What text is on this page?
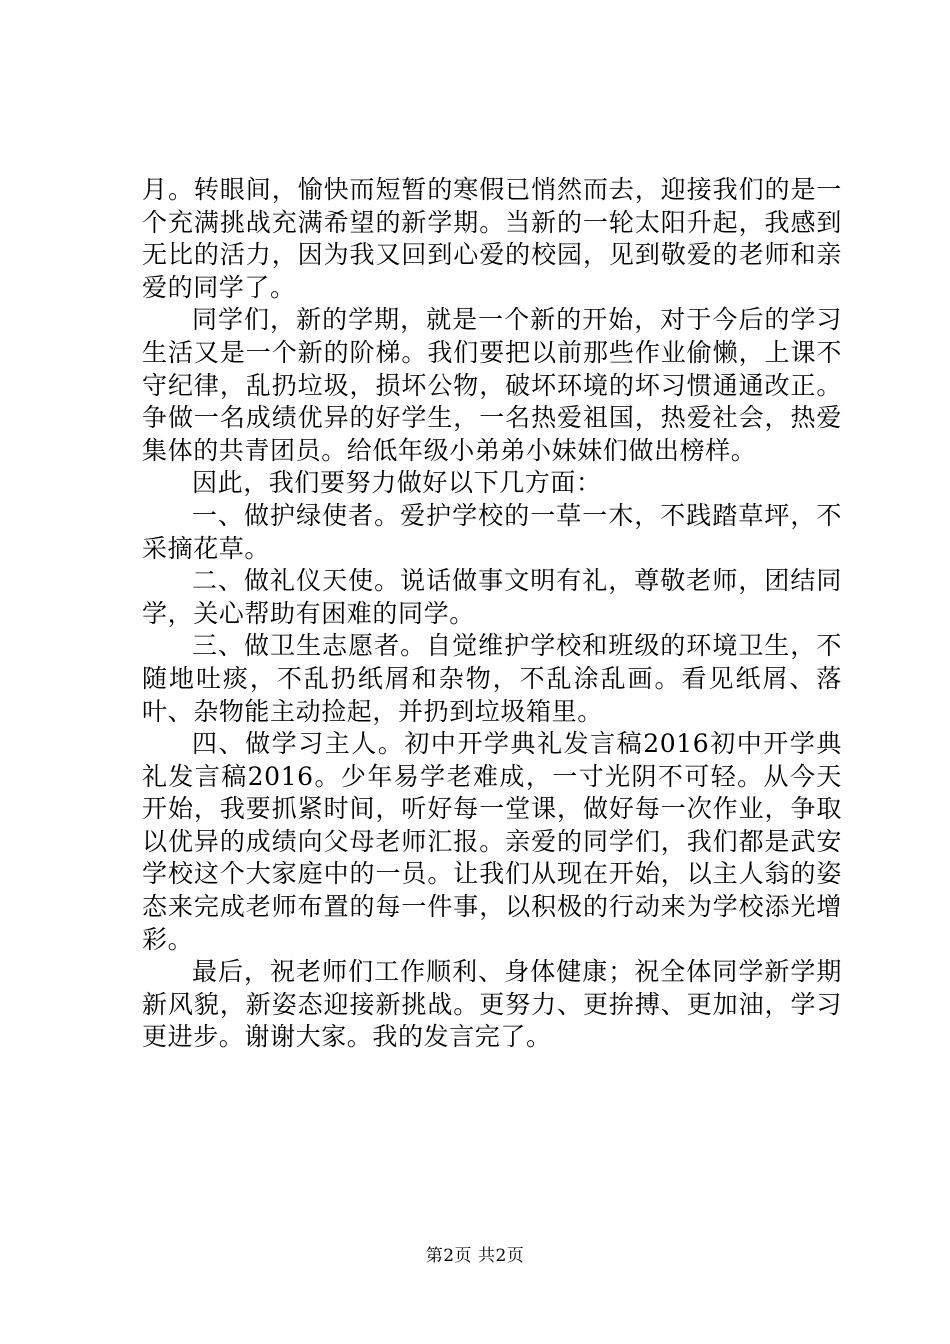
月。转眼间，愉快而短暂的寒假已悄然而去，迎接我们的是一个充满挑战充满希望的新学期。当新的一轮太阳升起，我感到无比的活力，因为我又回到心爱的校园，见到敬爱的老师和亲爱的同学了。

同学们，新的学期，就是一个新的开始，对于今后的学习生活又是一个新的阶梯。我们要把以前那些作业偷懒，上课不守纪律，乱扔垃圾，损坏公物，破坏环境的坏习惯通通改正。争做一名成绩优异的好学生，一名热爱祖国，热爱社会，热爱集体的共青团员。给低年级小弟弟小妹妹们做出榜样。

因此，我们要努力做好以下几方面：

一、做护绿使者。爱护学校的一草一木，不践踏草坪，不采摘花草。

二、做礼仪天使。说话做事文明有礼，尊敬老师，团结同学，关心帮助有困难的同学。

三、做卫生志愿者。自觉维护学校和班级的环境卫生，不随地吐痰，不乱扔纸屑和杂物，不乱涂乱画。看见纸屑、落叶、杂物能主动捡起，并扔到垃圾箱里。

四、做学习主人。初中开学典礼发言稿2016初中开学典礼发言稿2016。少年易学老难成，一寸光阴不可轻。从今天开始，我要抓紧时间，听好每一堂课，做好每一次作业，争取以优异的成绩向父母老师汇报。亲爱的同学们，我们都是武安学校这个大家庭中的一员。让我们从现在开始，以主人翁的姿态来完成老师布置的每一件事，以积极的行动来为学校添光增彩。

最后，祝老师们工作顺利、身体健康；祝全体同学新学期新风貌，新姿态迎接新挑战。更努力、更拚搏、更加油，学习更进步。谢谢大家。我的发言完了。

第2页 共2页
